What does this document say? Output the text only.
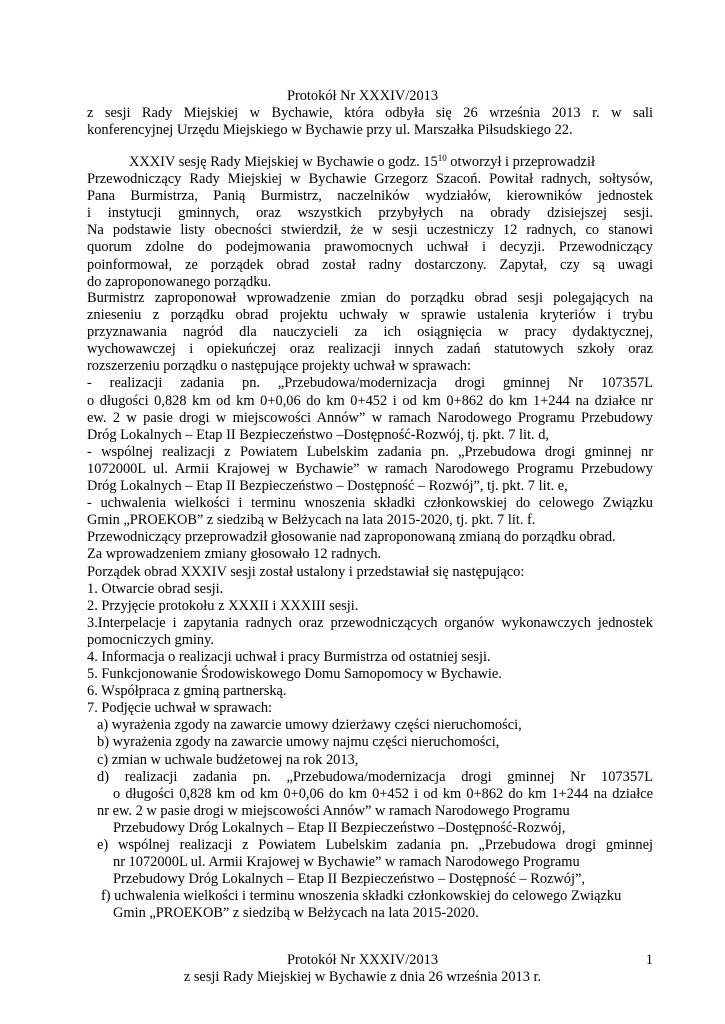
Protokół Nr XXXIV/2013
z sesji Rady Miejskiej w Bychawie, która odbyła się 26 września 2013 r. w sali
konferencyjnej Urzędu Miejskiego w Bychawie przy ul. Marszałka Piłsudskiego 22.
XXXIV sesję Rady Miejskiej w Bychawie o godz. $15^{10}$ otworzył i przeprowadził
Przewodniczący Rady Miejskiej w Bychawie Grzegorz Szacoń. Powitał radnych, sołtysów,
Pana Burmistrza, Panią Burmistrz, naczelników wydziałów, kierowników jednostek
i instytucji gminnych, oraz wszystkich przybyłych na obrady dzisiejszej sesji.
Na podstawie listy obecności stwierdził, że w sesji uczestniczy 12 radnych, co stanowi
quorum zdolne do podejmowania prawomocnych uchwał i decyzji. Przewodniczący
poinformował, ze porządek obrad został radny dostarczony. Zapytał, czy są uwagi
do zaproponowanego porządku.
Burmistrz zaproponował wprowadzenie zmian do porządku obrad sesji polegających na
znieseniu z porządku obrad projektu uchwały w sprawie ustalenia kryteriów i trybu
przyznawania nagród dla nauczycieli za ich osiągnięcia w pracy dydaktycznej,
wychowawczej i opiekuńczej oraz realizacji innych zadań statutowych szkoły oraz
rozszerzeniu porządku o następujące projekty uchwał w sprawach:
- realizacji zadania pn. „Przebudowa/modernizacja drogi gminnej Nr 107357L
o długości 0,828 km od km 0+0,06 do km 0+452 i od km 0+862 do km 1+244 na działce nr
ew. 2 w pasie drogi w miejscowości Annów” w ramach Narodowego Programu Przebudowy
Dróg Lokalnych – Etap II Bezpieczeństwo –Dostępność-Rozwój, tj. pkt. 7 lit. d,
- wspólnej realizacji z Powiatem Lubelskim zadania pn. „Przebudowa drogi gminnej nr
1072000L ul. Armii Krajowej w Bychawie” w ramach Narodowego Programu Przebudowy
Dróg Lokalnych – Etap II Bezpieczeństwo – Dostępność – Rozwój”, tj. pkt. 7 lit. e,
- uchwalenia wielkości i terminu wnoszenia składki członkowskiej do celowego Związku
Gmin „PROEKOB” z siedzibą w Bełżycach na lata 2015-2020, tj. pkt. 7 lit. f.
Przewodniczący przeprowadził głosowanie nad zaproponowaną zmianą do porządku obrad.
Za wprowadzeniem zmiany głosowało 12 radnych.
Porządek obrad XXXIV sesji został ustalony i przedstawiał się następująco:
1. Otwarcie obrad sesji.
2. Przyjęcie protokołu z XXXII i XXXIII sesji.
3.Interpelacje i zapytania radnych oraz przewodniczących organów wykonawczych jednostek
pomocniczych gminy.
4. Informacja o realizacji uchwał i pracy Burmistrza od ostatniej sesji.
5. Funkcjonowanie Środowiskowego Domu Samopomocy w Bychawie.
6. Współpraca z gminą partnerską.
7. Podjęcie uchwał w sprawach:
a) wyrażenia zgody na zawarcie umowy dzierżawy części nieruchomości,
b) wyrażenia zgody na zawarcie umowy najmu części nieruchomości,
c) zmian w uchwale budżetowej na rok 2013,
d) realizacji zadania pn. „Przebudowa/modernizacja drogi gminnej Nr 107357L
o długości 0,828 km od km 0+0,06 do km 0+452 i od km 0+862 do km 1+244 na działce
nr ew. 2 w pasie drogi w miejscowości Annów” w ramach Narodowego Programu
Przebudowy Dróg Lokalnych – Etap II Bezpieczeństwo –Dostępność-Rozwój,
e) wspólnej realizacji z Powiatem Lubelskim zadania pn. „Przebudowa drogi gminnej
nr 1072000L ul. Armii Krajowej w Bychawie” w ramach Narodowego Programu
Przebudowy Dróg Lokalnych – Etap II Bezpieczeństwo – Dostępność – Rozwój”,
f) uchwalenia wielkości i terminu wnoszenia składki członkowskiej do celowego Związku
Gmin „PROEKOB” z siedzibą w Bełżycach na lata 2015-2020.
Protokół Nr XXXIV/2013
z sesji Rady Miejskiej w Bychawie z dnia 26 września 2013 r.
1
